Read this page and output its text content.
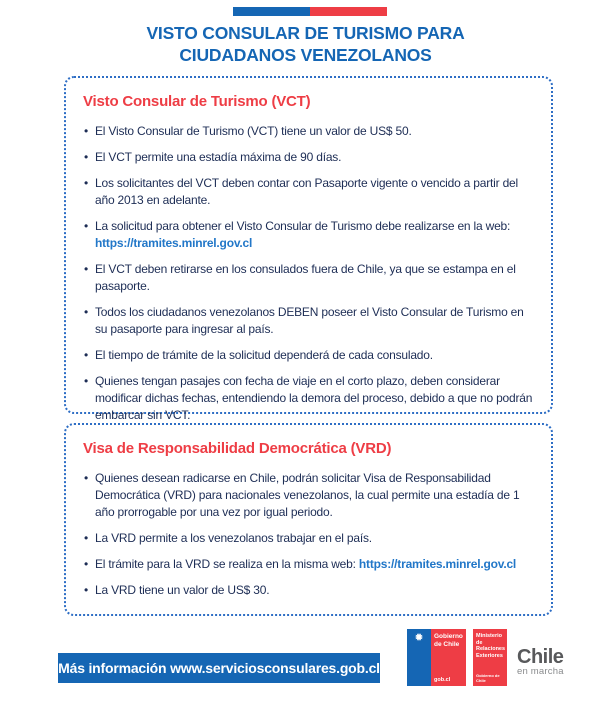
VISTO CONSULAR DE TURISMO PARA
CIUDADANOS VENEZOLANOS
Visto Consular de Turismo (VCT)
• El Visto Consular de Turismo (VCT) tiene un valor de US$ 50.
• El VCT permite una estadía máxima de 90 días.
• Los solicitantes del VCT deben contar con Pasaporte vigente o vencido a partir del año 2013 en adelante.
• La solicitud para obtener el Visto Consular de Turismo debe realizarse en la web:
https://tramites.minrel.gov.cl
• El VCT deben retirarse en los consulados fuera de Chile, ya que se estampa en el pasaporte.
• Todos los ciudadanos venezolanos DEBEN poseer el Visto Consular de Turismo en su pasaporte para ingresar al país.
• El tiempo de trámite de la solicitud dependerá de cada consulado.
• Quienes tengan pasajes con fecha de viaje en el corto plazo, deben considerar modificar dichas fechas, entendiendo la demora del proceso, debido a que no podrán embarcar sin VCT.
Visa de Responsabilidad Democrática (VRD)
• Quienes desean radicarse en Chile, podrán solicitar Visa de Responsabilidad Democrática (VRD) para nacionales venezolanos, la cual permite una estadía de 1 año prorrogable por una vez por igual periodo.
• La VRD permite a los venezolanos trabajar en el país.
• El trámite para la VRD se realiza en la misma web: https://tramites.minrel.gov.cl
• La VRD tiene un valor de US$ 30.
Más información www.serviciosconsulares.gob.cl
✹ Gobierno de Chile
gob.cl
Ministerio de Relaciones Exteriores
Gobierno de Chile
Chile
en marcha
